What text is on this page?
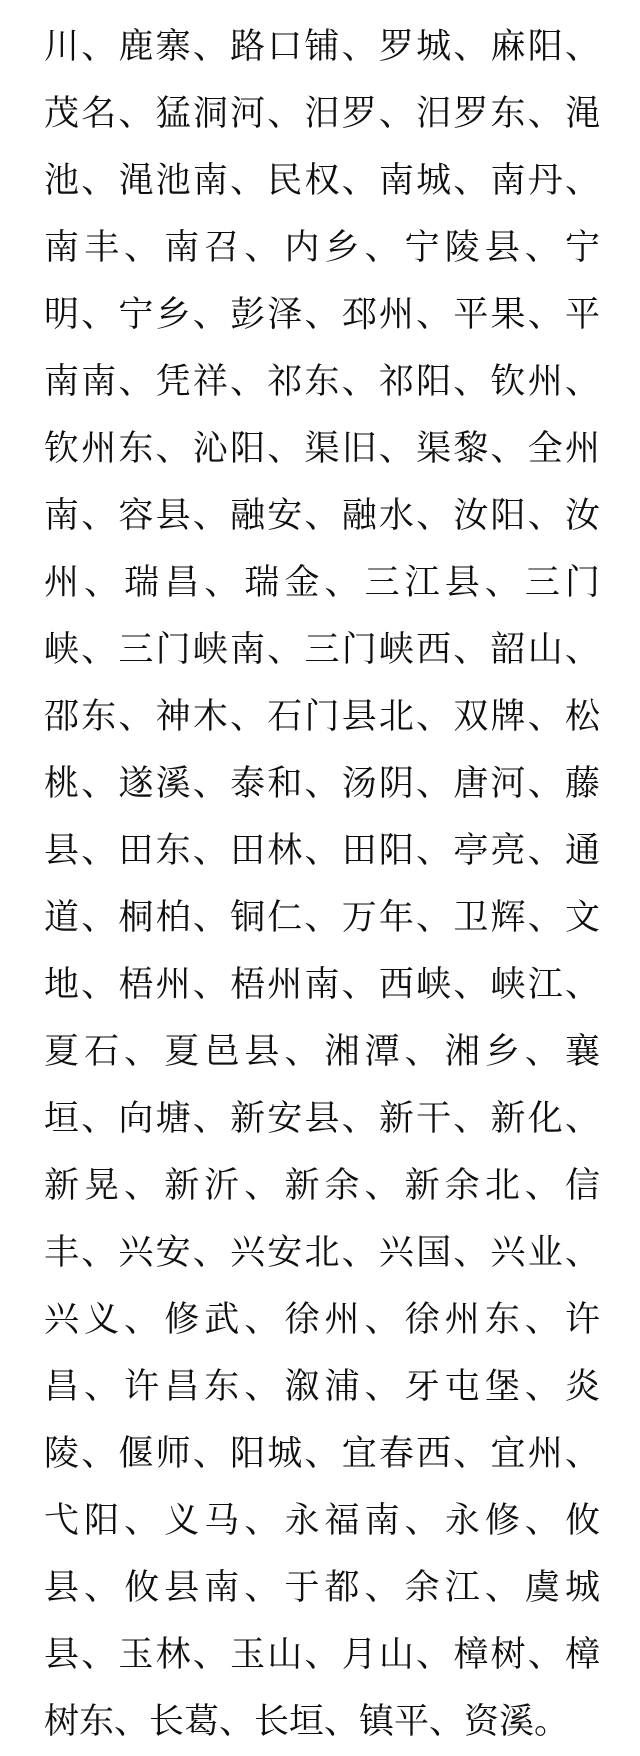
川、鹿寨、路口铺、罗城、麻阳、茂名、猛洞河、汨罗、汨罗东、渑池、渑池南、民权、南城、南丹、南丰、南召、内乡、宁陵县、宁明、宁乡、彭泽、邳州、平果、平南南、凭祥、祁东、祁阳、钦州、钦州东、沁阳、渠旧、渠黎、全州南、容县、融安、融水、汝阳、汝州、瑞昌、瑞金、三江县、三门峡、三门峡南、三门峡西、韶山、邵东、神木、石门县北、双牌、松桃、遂溪、泰和、汤阴、唐河、藤县、田东、田林、田阳、亭亮、通道、桐柏、铜仁、万年、卫辉、文地、梧州、梧州南、西峡、峡江、夏石、夏邑县、湘潭、湘乡、襄垣、向塘、新安县、新干、新化、新晃、新沂、新余、新余北、信丰、兴安、兴安北、兴国、兴业、兴义、修武、徐州、徐州东、许昌、许昌东、溆浦、牙屯堡、炎陵、偃师、阳城、宜春西、宜州、弋阳、义马、永福南、永修、攸县、攸县南、于都、余江、虞城县、玉林、玉山、月山、樟树、樟树东、长葛、长垣、镇平、资溪。
